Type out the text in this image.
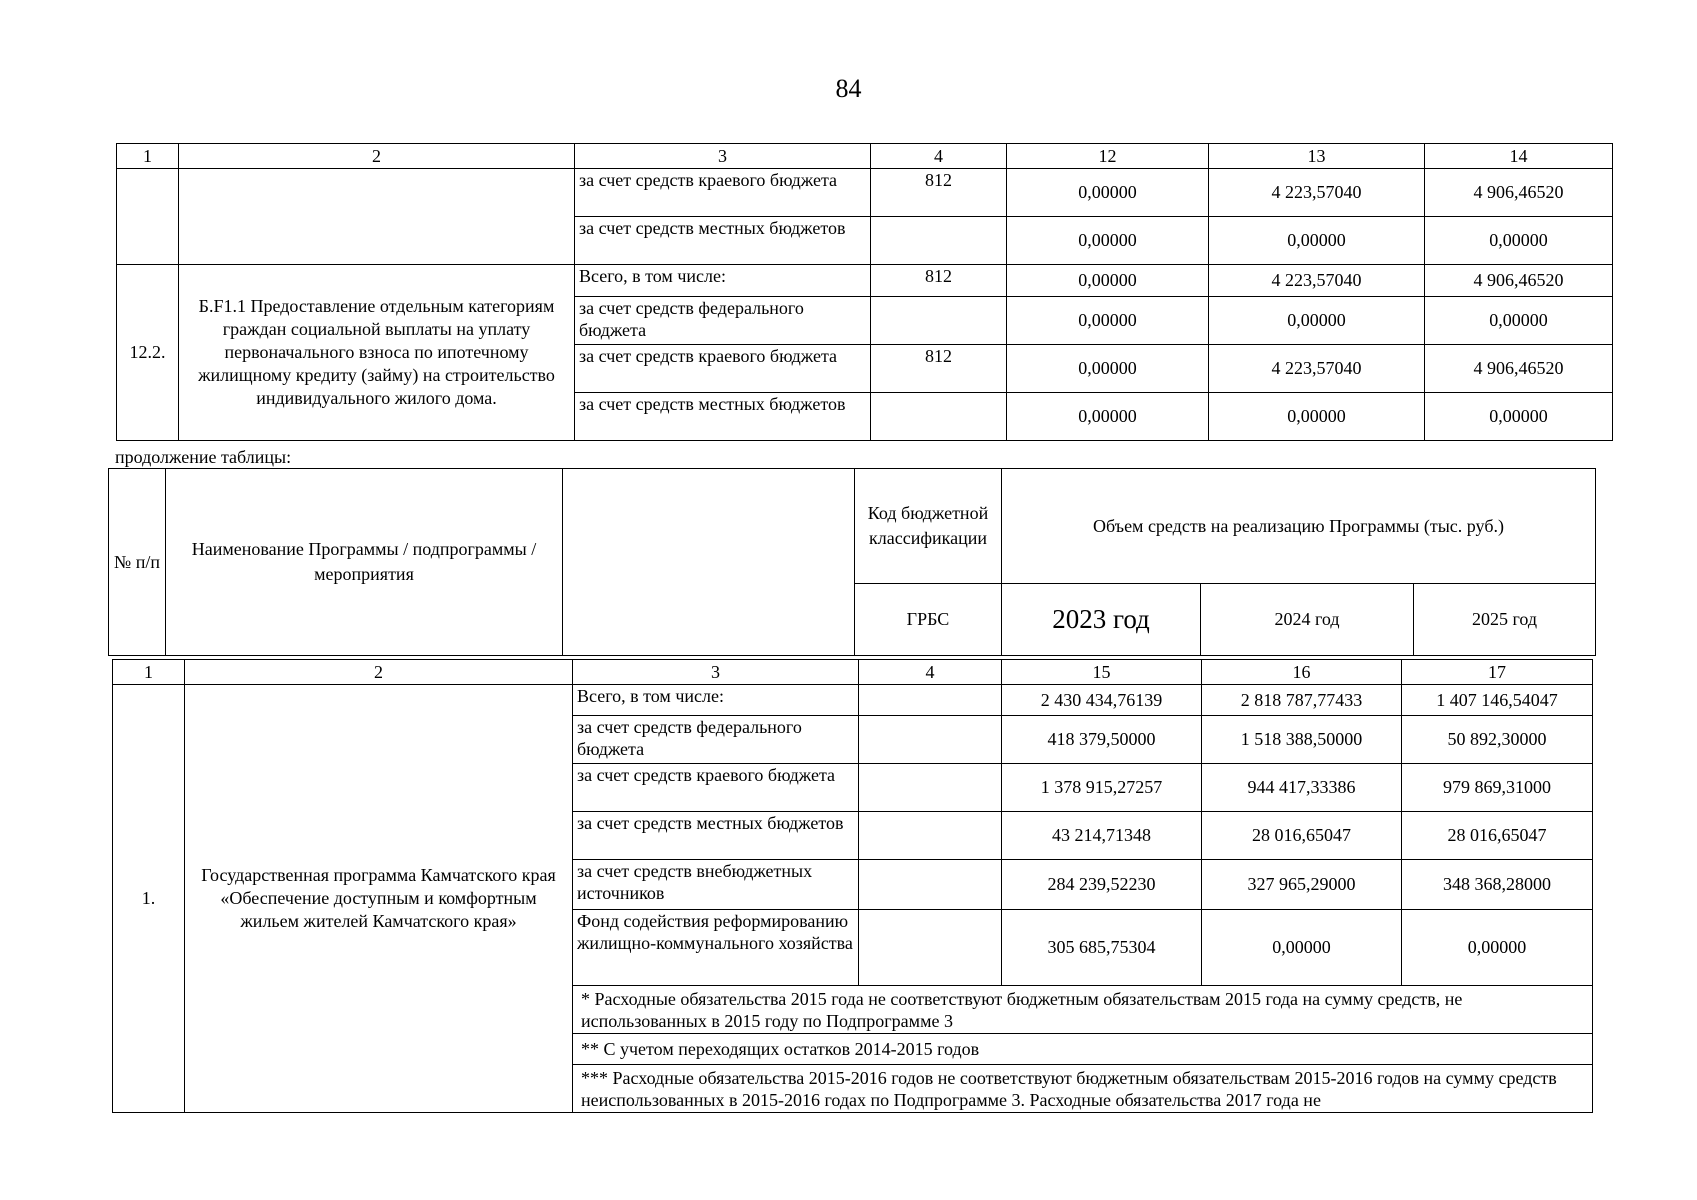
84
1	2	3	4	12	13	14
		за счет средств краевого бюджета	812	0,00000	4 223,57040	4 906,46520
		за счет средств местных бюджетов		0,00000	0,00000	0,00000
12.2.	Б.F1.1 Предоставление отдельным категориям граждан социальной выплаты на уплату первоначального взноса по ипотечному жилищному кредиту (займу) на строительство индивидуального жилого дома.	Всего, в том числе:	812	0,00000	4 223,57040	4 906,46520
		за счет средств федерального бюджета		0,00000	0,00000	0,00000
		за счет средств краевого бюджета	812	0,00000	4 223,57040	4 906,46520
		за счет средств местных бюджетов		0,00000	0,00000	0,00000
продолжение таблицы:
№ п/п	Наименование Программы / подпрограммы / мероприятия		Код бюджетной классификации	Объем средств на реализацию Программы (тыс. руб.)		
			ГРБС	2023 год	2024 год	2025 год
1	2	3	4	15	16	17
1.	Государственная программа Камчатского края «Обеспечение доступным и комфортным жильем жителей Камчатского края»	Всего, в том числе:		2 430 434,76139	2 818 787,77433	1 407 146,54047
		за счет средств федерального бюджета		418 379,50000	1 518 388,50000	50 892,30000
		за счет средств краевого бюджета		1 378 915,27257	944 417,33386	979 869,31000
		за счет средств местных бюджетов		43 214,71348	28 016,65047	28 016,65047
		за счет средств внебюджетных источников		284 239,52230	327 965,29000	348 368,28000
		Фонд содействия реформированию жилищно-коммунального хозяйства		305 685,75304	0,00000	0,00000
		* Расходные обязательства 2015 года не соответствуют бюджетным обязательствам 2015 года на сумму средств, не использованных в 2015 году по Подпрограмме 3				
		** С учетом переходящих остатков 2014-2015 годов				
		*** Расходные обязательства 2015-2016 годов не соответствуют бюджетным обязательствам 2015-2016 годов на сумму средств неиспользованных в 2015-2016 годах по Подпрограмме 3. Расходные обязательства 2017 года не				
